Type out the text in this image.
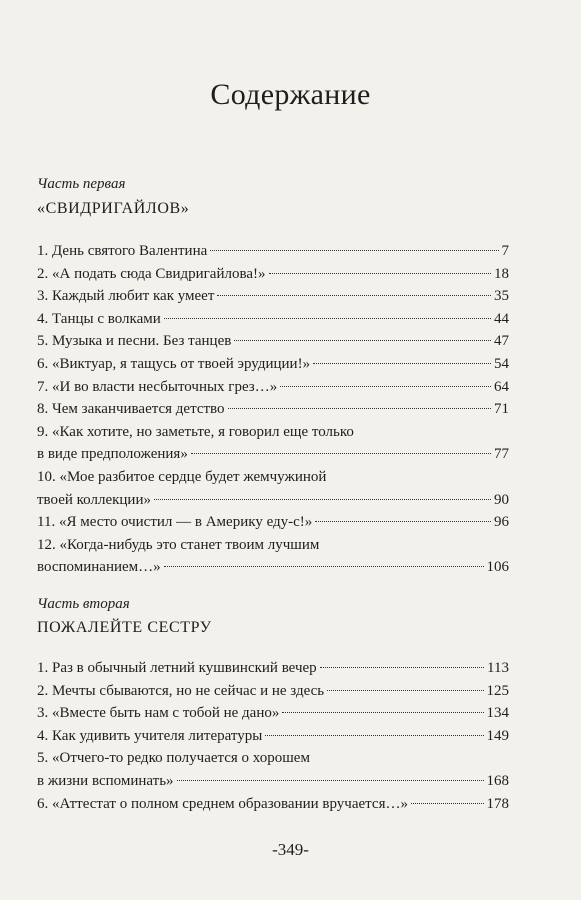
Содержание
Часть первая
«СВИДРИГАЙЛОВ»
1. День святого Валентина	7
2. «А подать сюда Свидригайлова!»	18
3. Каждый любит как умеет	35
4. Танцы с волками	44
5. Музыка и песни. Без танцев	47
6. «Виктуар, я тащусь от твоей эрудиции!»	54
7. «И во власти несбыточных грез…»	64
8. Чем заканчивается детство	71
9. «Как хотите, но заметьте, я говорил еще только
в виде предположения»	77
10. «Мое разбитое сердце будет жемчужиной
твоей коллекции»	90
11. «Я место очистил — в Америку еду-с!»	96
12. «Когда-нибудь это станет твоим лучшим
воспоминанием…»	106
Часть вторая
ПОЖАЛЕЙТЕ СЕСТРУ
1. Раз в обычный летний кушвинский вечер	113
2. Мечты сбываются, но не сейчас и не здесь	125
3. «Вместе быть нам с тобой не дано»	134
4. Как удивить учителя литературы	149
5. «Отчего-то редко получается о хорошем
в жизни вспоминать»	168
6. «Аттестат о полном среднем образовании вручается…»	178
-349-
